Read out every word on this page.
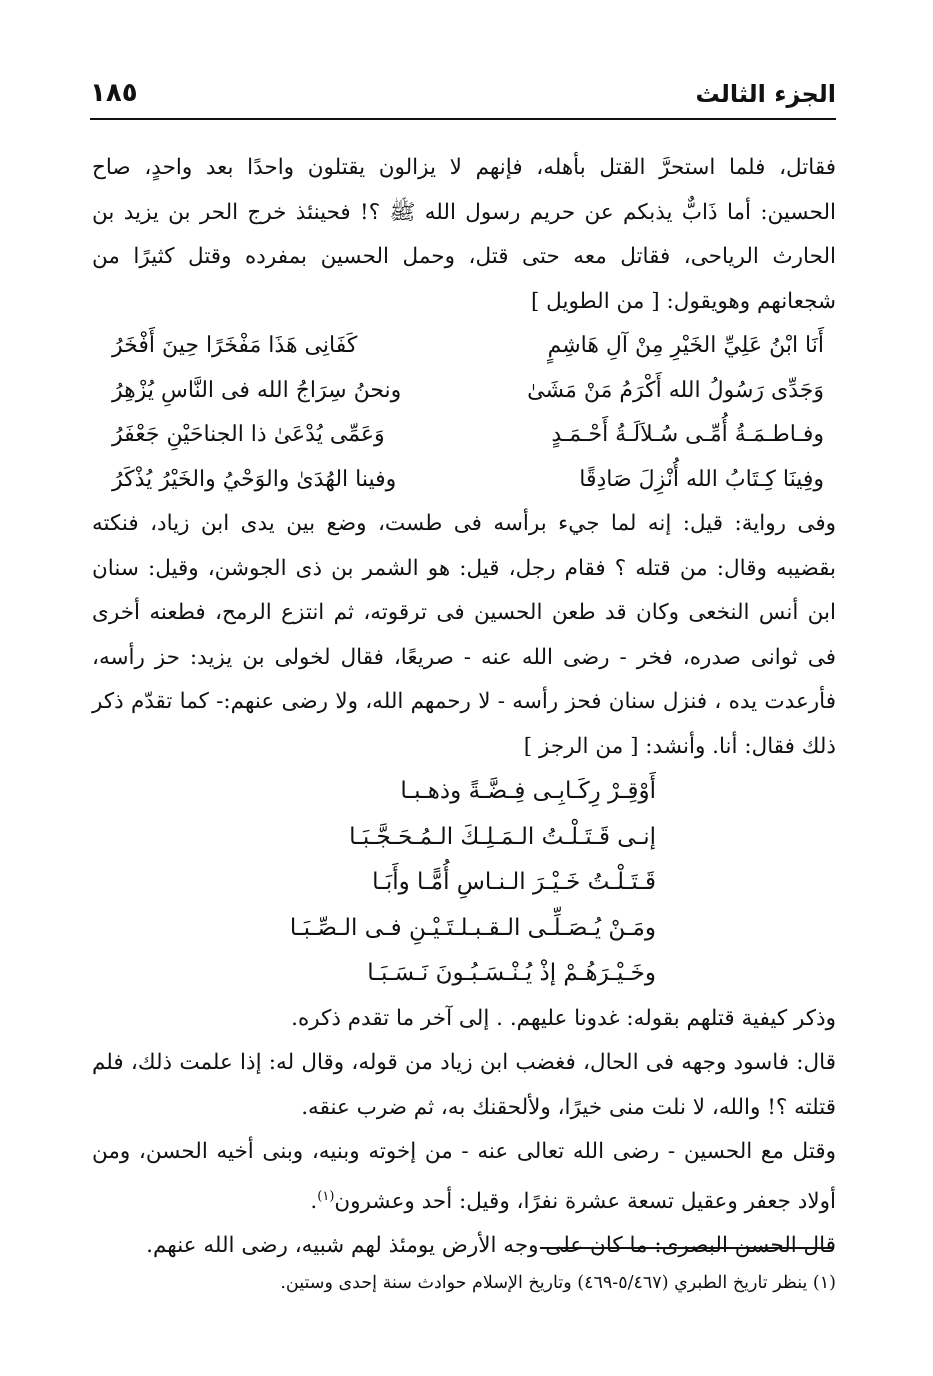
الجزء الثالث
١٨٥

فقاتل، فلما استحرَّ القتل بأهله، فإنهم لا يزالون يقتلون واحدًا بعد واحدٍ، صاح الحسين: أما ذَابٌّ يذبكم عن حريم رسول الله ﷺ ؟! فحينئذ خرج الحر بن يزيد بن الحارث الرياحى، فقاتل معه حتى قتل، وحمل الحسين بمفرده وقتل كثيرًا من شجعانهم وهويقول: [ من الطويل ]

أَنَا ابْنُ عَلِيِّ الخَيْرِ مِنْ آلِ هَاشِمٍ
كَفَانِى هَذَا مَفْخَرًا حِينَ أَفْخَرُ
وَجَدِّى رَسُولُ الله أَكْرَمُ مَنْ مَشَىٰ
ونحنُ سِرَاجُ الله فى النَّاسِ يُزْهِرُ
وفـاطـمَـةُ أُمِّـى سُـلاَلَـةُ أَحْـمَـدٍ
وَعَمِّى يُدْعَىٰ ذا الجناحَيْنِ جَعْفَرُ
وفِينَا كِـتَابُ الله أُنْزِلَ صَادِقًا
وفينا الهُدَىٰ والوَحْيُ والخَيْرُ يُذْكَرُ

وفى رواية: قيل: إنه لما جيء برأسه فى طست، وضع بين يدى ابن زياد، فنكته بقضيبه وقال: من قتله ؟ فقام رجل، قيل: هو الشمر بن ذى الجوشن، وقيل: سنان ابن أنس النخعى وكان قد طعن الحسين فى ترقوته، ثم انتزع الرمح، فطعنه أخرى فى ثوانى صدره، فخر - رضى الله عنه - صريعًا، فقال لخولى بن يزيد: حز رأسه، فأرعدت يده ، فنزل سنان فحز رأسه - لا رحمهم الله، ولا رضى عنهم:- كما تقدّم ذكر ذلك فقال: أنا. وأنشد: [ من الرجز ]

أَوْقِـرْ رِكَـابِـى فِـضَّـةً وذهـبـا
إنـى قَـتَـلْـتُ الـمَـلِـكَ الـمُـحَـجَّـبَـا
قَـتَـلْـتُ خَـيْـرَ الـنـاسِ أُمًّـا وأَبَـا
ومَـنْ يُـصَـلِّـى الـقـبـلـتَـيْـنِ فـى الـصِّـبَـا
وخَـيْـرَهُـمْ إذْ يُـنْـسَـبُـونَ نَـسَـبَـا

وذكر كيفية قتلهم بقوله: غدونا عليهم. . إلى آخر ما تقدم ذكره.

قال: فاسود وجهه فى الحال، فغضب ابن زياد من قوله، وقال له: إذا علمت ذلك، فلم قتلته ؟! والله، لا نلت منى خيرًا، ولألحقنك به، ثم ضرب عنقه.

وقتل مع الحسين - رضى الله تعالى عنه - من إخوته وبنيه، وبنى أخيه الحسن، ومن أولاد جعفر وعقيل تسعة عشرة نفرًا، وقيل: أحد وعشرون$^{(١)}$.

قال الحسن البصرى: ما كان على وجه الأرض يومئذ لهم شبيه، رضى الله عنهم.

(١) ينظر تاريخ الطبري (٥/٤٦٧-٤٦٩) وتاريخ الإسلام حوادث سنة إحدى وستين.
